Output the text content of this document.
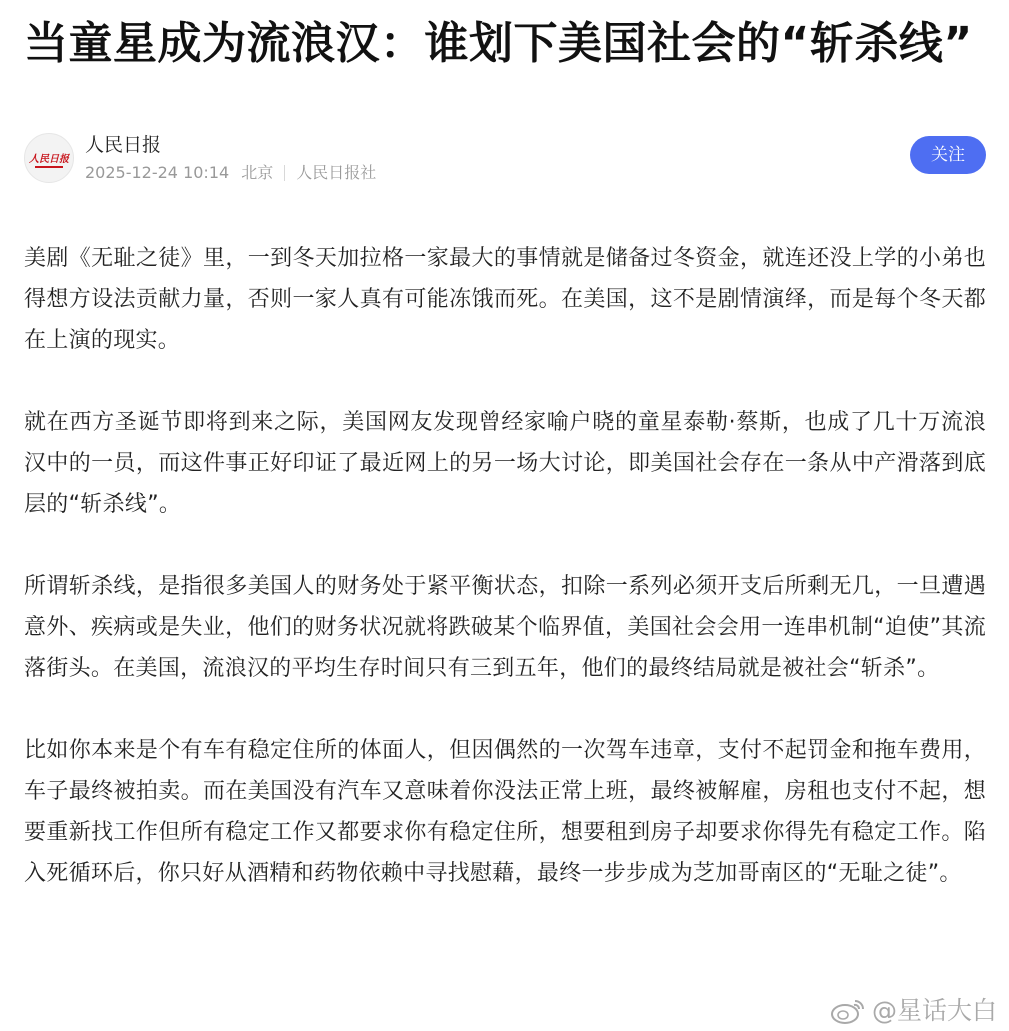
当童星成为流浪汉：谁划下美国社会的“斩杀线”
人民日报
人民日报
2025-12-24 10:14 北京 人民日报社
关注

美剧《无耻之徒》里，一到冬天加拉格一家最大的事情就是储备过冬资金，就连还没上学的小弟也得想方设法贡献力量，否则一家人真有可能冻饿而死。在美国，这不是剧情演绎，而是每个冬天都在上演的现实。

就在西方圣诞节即将到来之际，美国网友发现曾经家喻户晓的童星泰勒·蔡斯，也成了几十万流浪汉中的一员，而这件事正好印证了最近网上的另一场大讨论，即美国社会存在一条从中产滑落到底层的“斩杀线”。

所谓斩杀线，是指很多美国人的财务处于紧平衡状态，扣除一系列必须开支后所剩无几，一旦遭遇意外、疾病或是失业，他们的财务状况就将跌破某个临界值，美国社会会用一连串机制“迫使”其流落街头。在美国，流浪汉的平均生存时间只有三到五年，他们的最终结局就是被社会“斩杀”。

比如你本来是个有车有稳定住所的体面人，但因偶然的一次驾车违章，支付不起罚金和拖车费用，车子最终被拍卖。而在美国没有汽车又意味着你没法正常上班，最终被解雇，房租也支付不起，想要重新找工作但所有稳定工作又都要求你有稳定住所，想要租到房子却要求你得先有稳定工作。陷入死循环后，你只好从酒精和药物依赖中寻找慰藉，最终一步步成为芝加哥南区的“无耻之徒”。

@星话大白
